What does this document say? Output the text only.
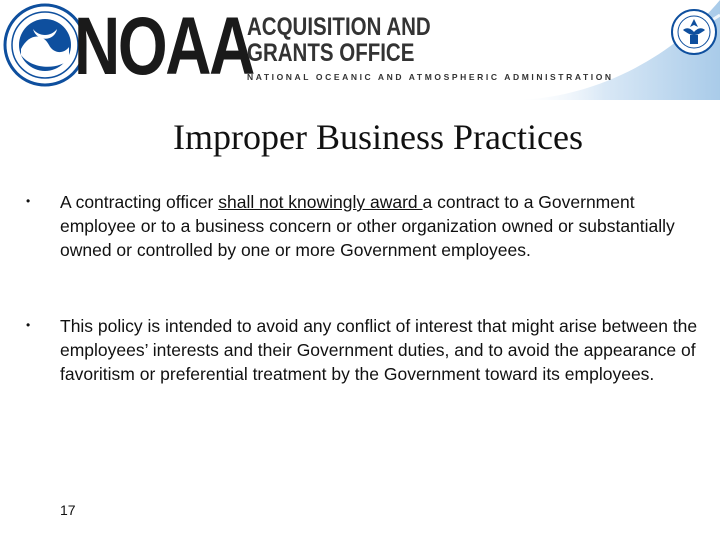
NOAA
ACQUISITION AND
GRANTS OFFICE
NATIONAL OCEANIC AND ATMOSPHERIC ADMINISTRATION
Improper Business Practices
• A contracting officer shall not knowingly award a contract to a Government employee or to a business concern or other organization owned or substantially owned or controlled by one or more Government employees.
• This policy is intended to avoid any conflict of interest that might arise between the employees’ interests and their Government duties, and to avoid the appearance of favoritism or preferential treatment by the Government toward its employees.
17
